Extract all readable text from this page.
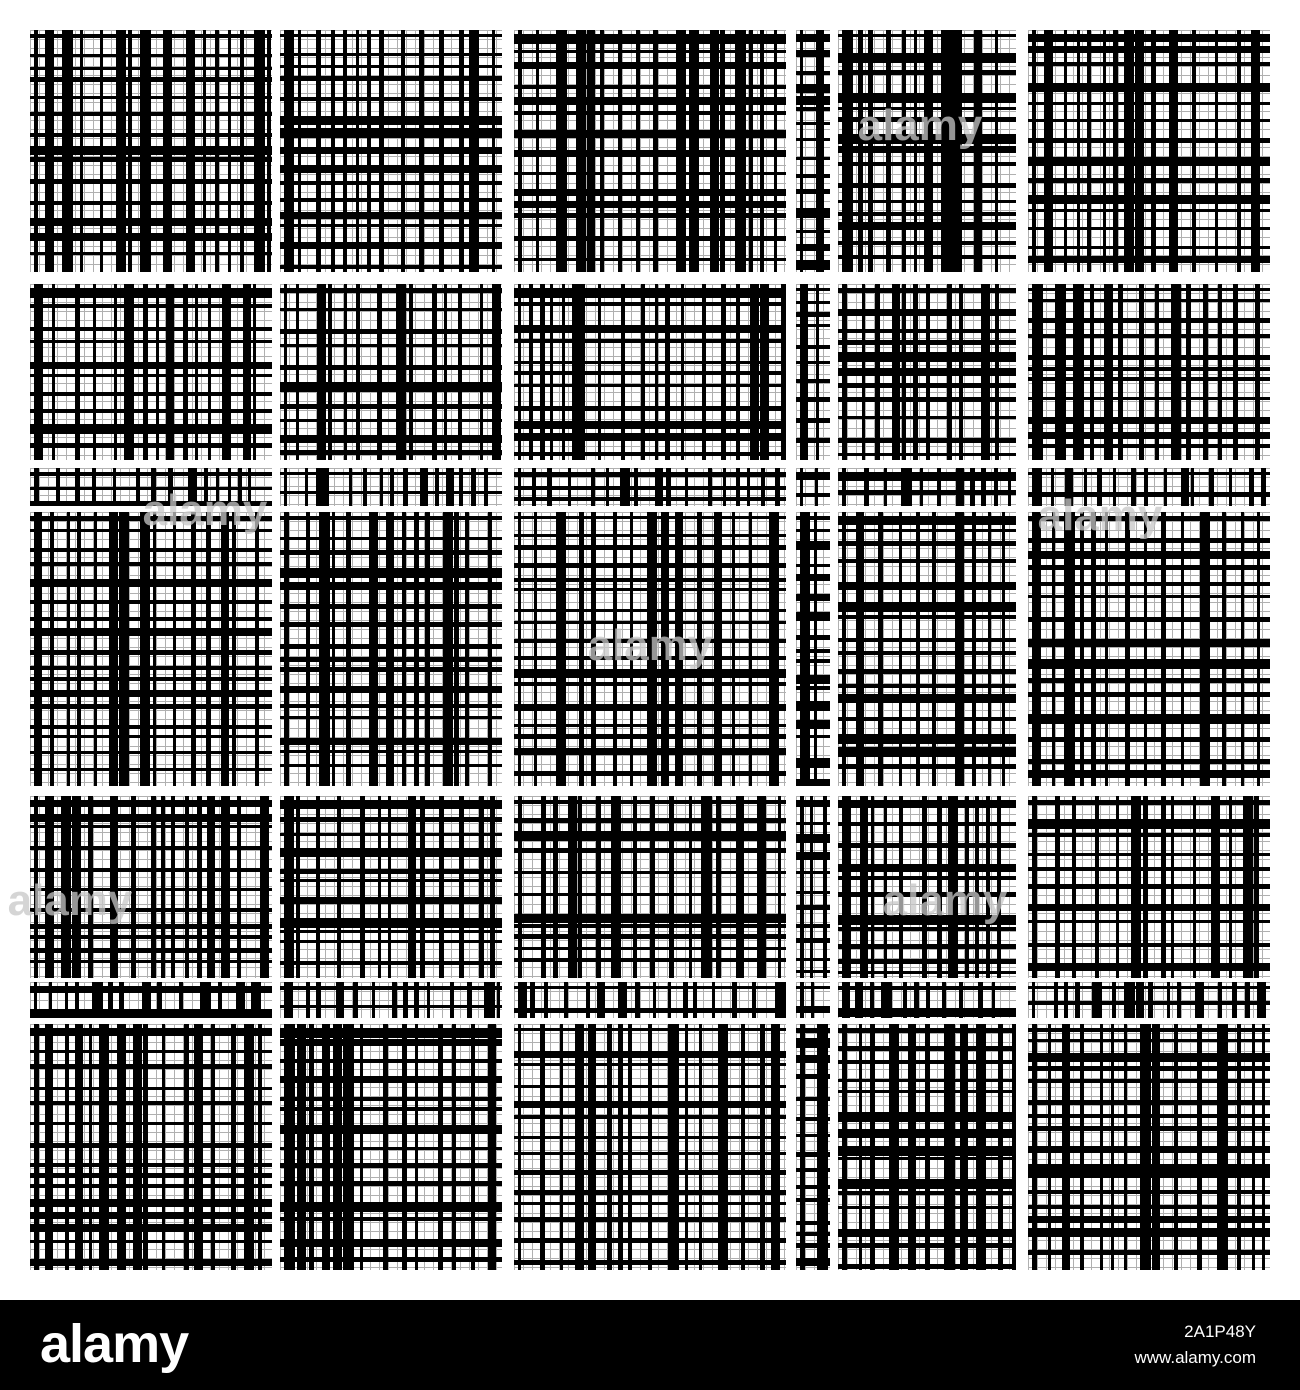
alamy
alamy
alamy
alamy
alamy
alamy
alamy	2A1P48Y
www.alamy.com
